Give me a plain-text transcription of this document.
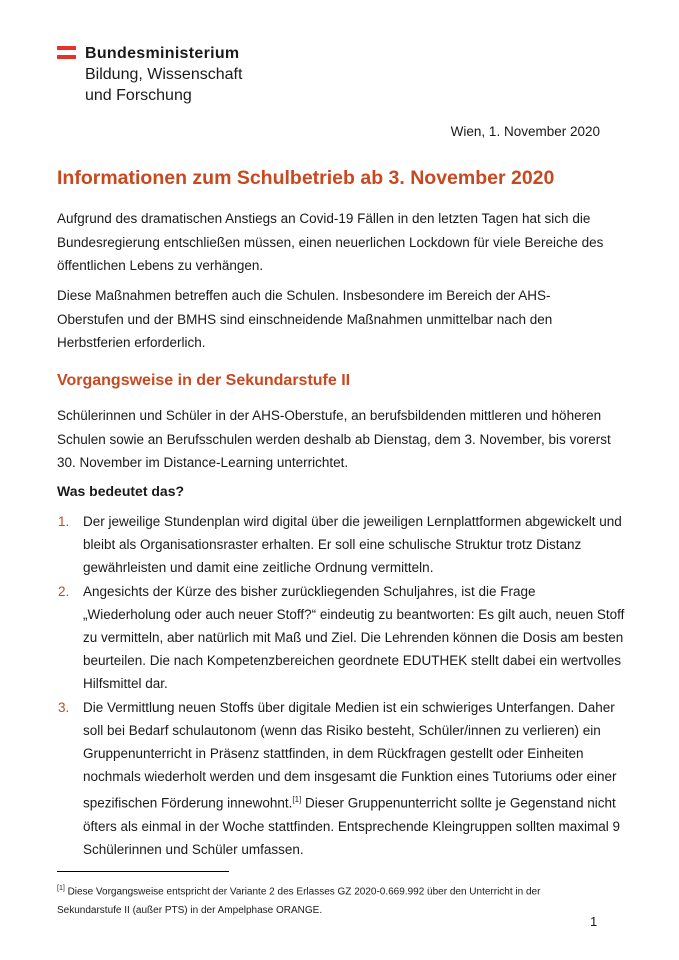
Bundesministerium
Bildung, Wissenschaft
und Forschung
Wien, 1. November 2020
Informationen zum Schulbetrieb ab 3. November 2020

Aufgrund des dramatischen Anstiegs an Covid-19 Fällen in den letzten Tagen hat sich die Bundesregierung entschließen müssen, einen neuerlichen Lockdown für viele Bereiche des öffentlichen Lebens zu verhängen.

Diese Maßnahmen betreffen auch die Schulen. Insbesondere im Bereich der AHS-Oberstufen und der BMHS sind einschneidende Maßnahmen unmittelbar nach den Herbstferien erforderlich.

Vorgangsweise in der Sekundarstufe II

Schülerinnen und Schüler in der AHS-Oberstufe, an berufsbildenden mittleren und höheren Schulen sowie an Berufsschulen werden deshalb ab Dienstag, dem 3. November, bis vorerst 30. November im Distance-Learning unterrichtet.

Was bedeutet das?
1. Der jeweilige Stundenplan wird digital über die jeweiligen Lernplattformen abgewickelt und bleibt als Organisationsraster erhalten. Er soll eine schulische Struktur trotz Distanz gewährleisten und damit eine zeitliche Ordnung vermitteln.
2. Angesichts der Kürze des bisher zurückliegenden Schuljahres, ist die Frage „Wiederholung oder auch neuer Stoff?“ eindeutig zu beantworten: Es gilt auch, neuen Stoff zu vermitteln, aber natürlich mit Maß und Ziel. Die Lehrenden können die Dosis am besten beurteilen. Die nach Kompetenzbereichen geordnete EDUTHEK stellt dabei ein wertvolles Hilfsmittel dar.
3. Die Vermittlung neuen Stoffs über digitale Medien ist ein schwieriges Unterfangen. Daher soll bei Bedarf schulautonom (wenn das Risiko besteht, Schüler/innen zu verlieren) ein Gruppenunterricht in Präsenz stattfinden, in dem Rückfragen gestellt oder Einheiten nochmals wiederholt werden und dem insgesamt die Funktion eines Tutoriums oder einer spezifischen Förderung innewohnt.[1] Dieser Gruppenunterricht sollte je Gegenstand nicht öfters als einmal in der Woche stattfinden. Entsprechende Kleingruppen sollten maximal 9 Schülerinnen und Schüler umfassen.

[1] Diese Vorgangsweise entspricht der Variante 2 des Erlasses GZ 2020-0.669.992 über den Unterricht in der Sekundarstufe II (außer PTS) in der Ampelphase ORANGE.

1
